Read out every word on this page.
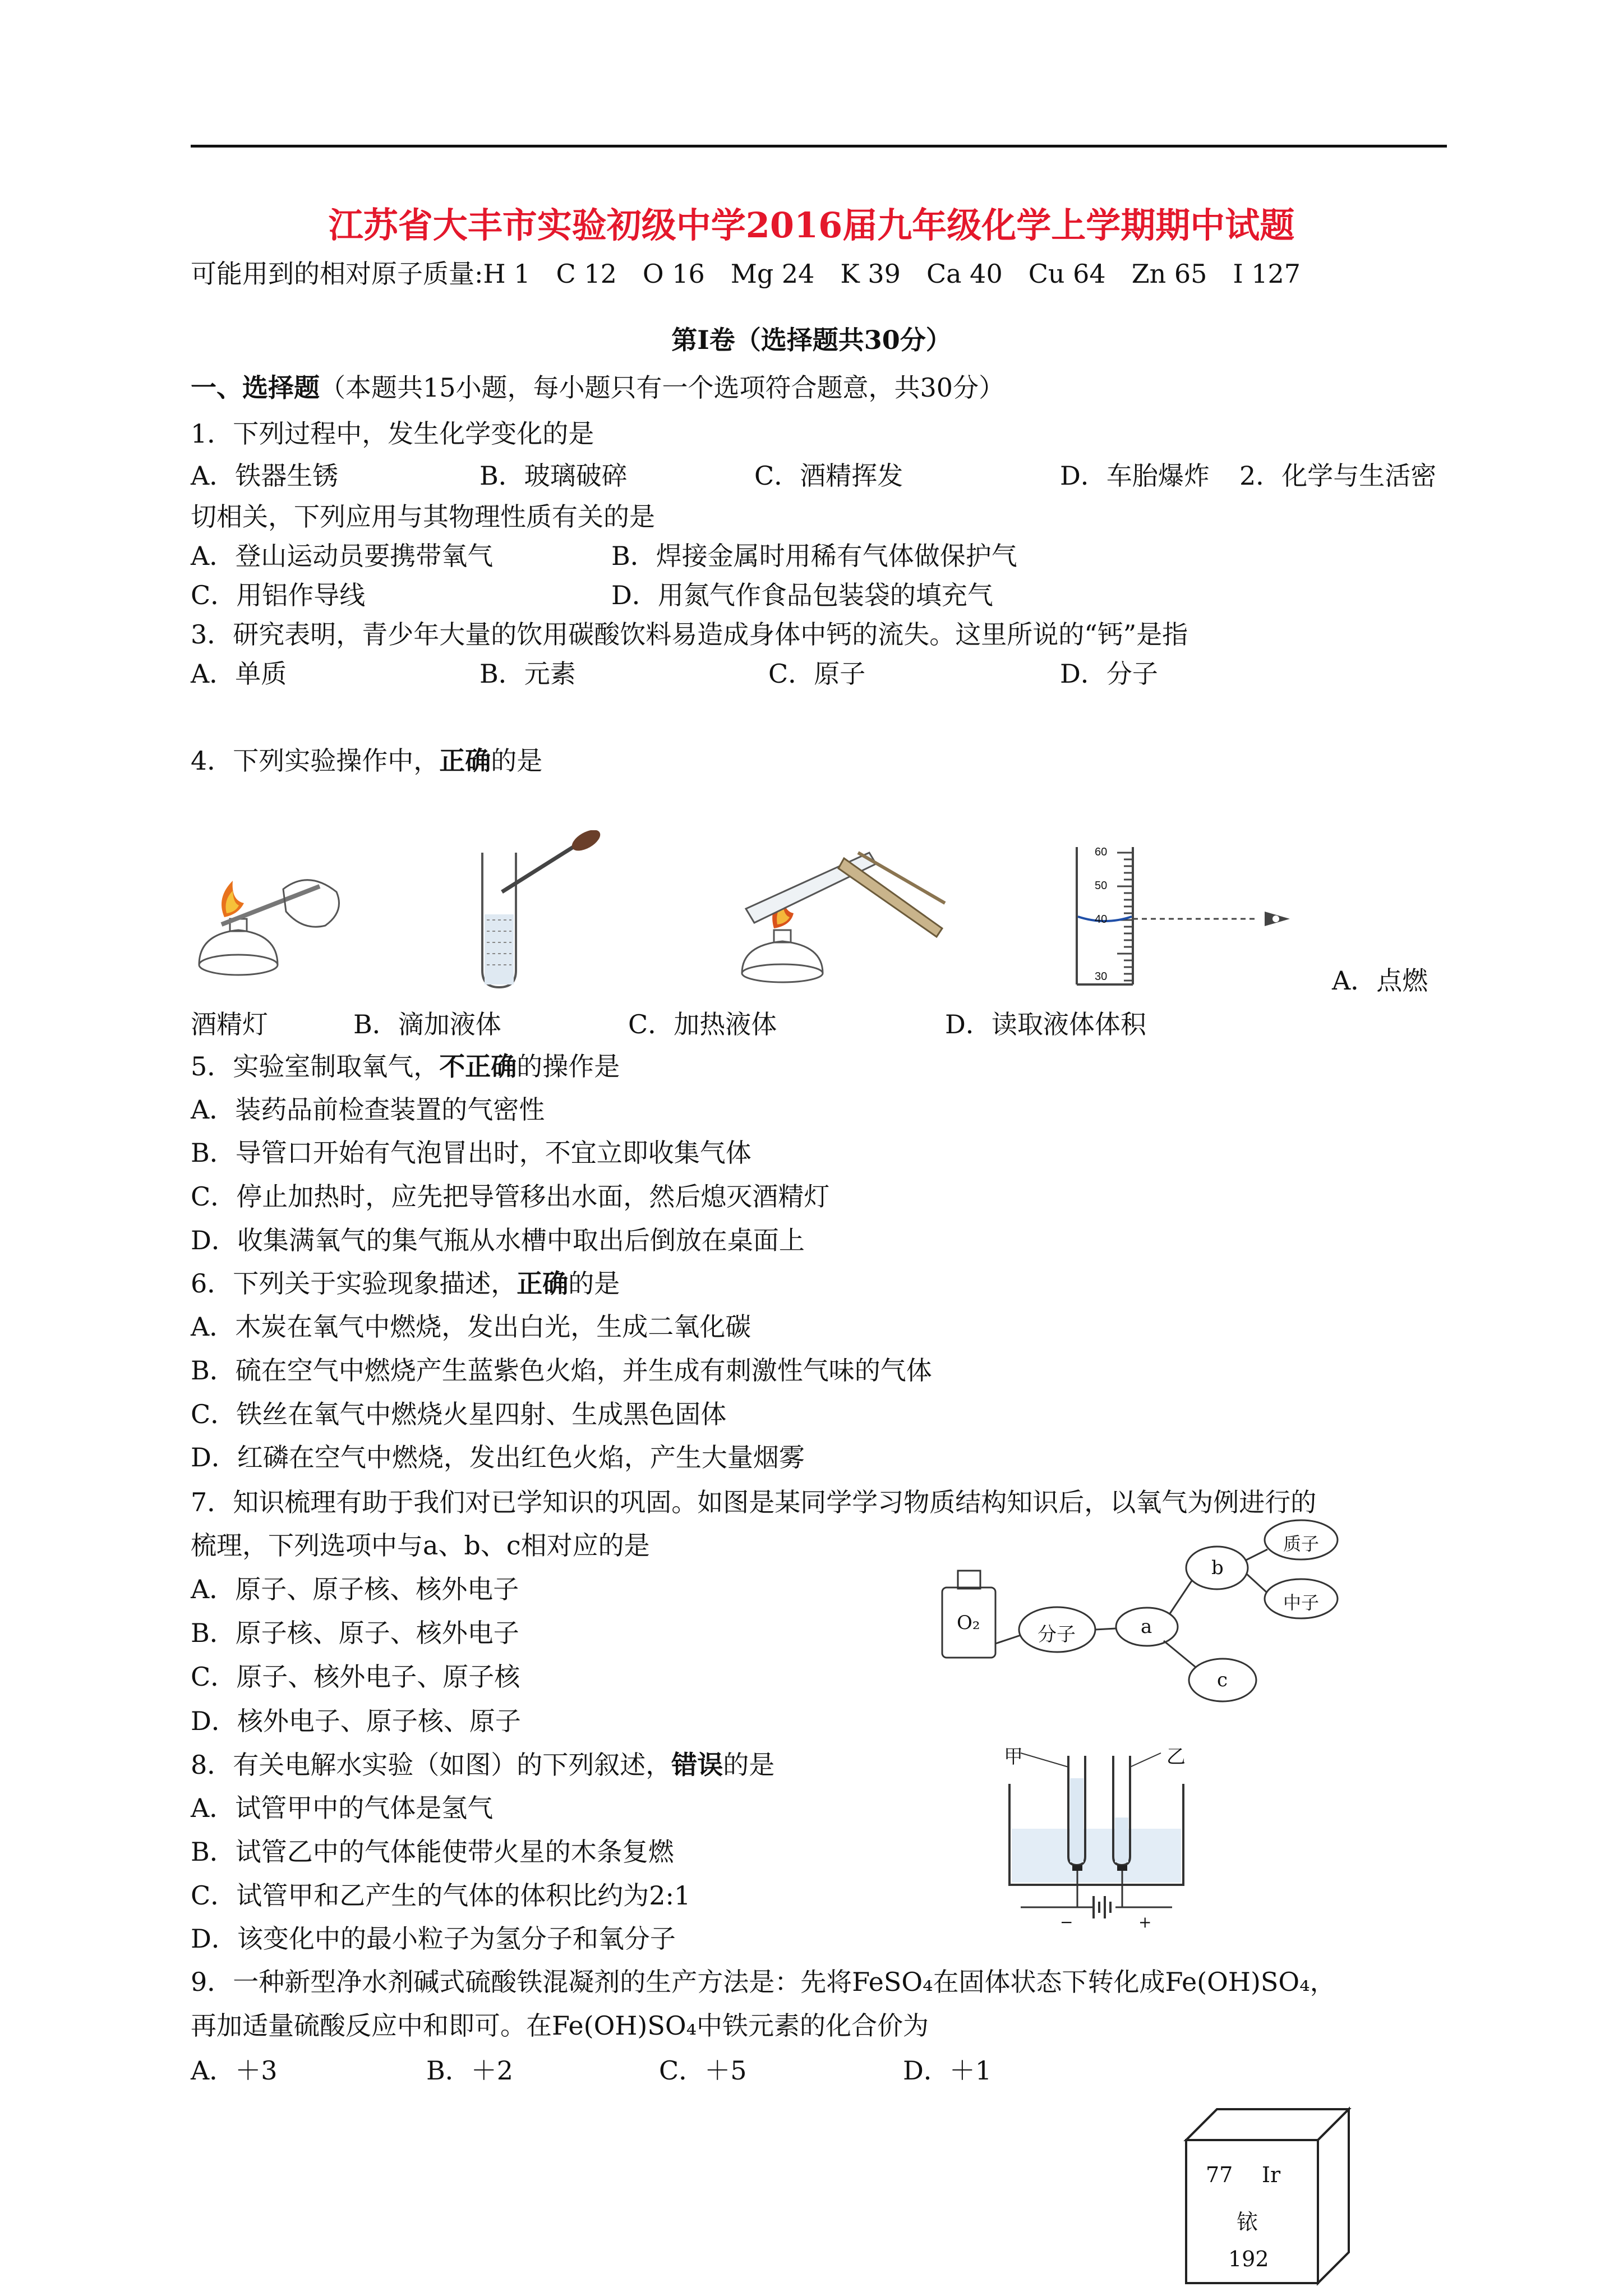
江苏省大丰市实验初级中学2016届九年级化学上学期期中试题
可能用到的相对原子质量:H 1　C 12　O 16　Mg 24　K 39　Ca 40　Cu 64　Zn 65　I 127
第Ⅰ卷（选择题共30分）
一、选择题（本题共15小题，每小题只有一个选项符合题意，共30分）
1．下列过程中，发生化学变化的是
A．铁器生锈	B．玻璃破碎	C．酒精挥发	D．车胎爆炸 2．化学与生活密
切相关，下列应用与其物理性质有关的是
A．登山运动员要携带氧气	B．焊接金属时用稀有气体做保护气
C．用铝作导线	D．用氮气作食品包装袋的填充气
3．研究表明，青少年大量的饮用碳酸饮料易造成身体中钙的流失。这里所说的“钙”是指
A．单质	B．元素	C．原子	D．分子
4．下列实验操作中，正确的是
60
50
40
30	A．点燃
酒精灯	B．滴加液体	C．加热液体	D．读取液体体积
5．实验室制取氧气，不正确的操作是
A．装药品前检查装置的气密性
B．导管口开始有气泡冒出时，不宜立即收集气体
C．停止加热时，应先把导管移出水面，然后熄灭酒精灯
D．收集满氧气的集气瓶从水槽中取出后倒放在桌面上
6．下列关于实验现象描述，正确的是
A．木炭在氧气中燃烧，发出白光，生成二氧化碳
B．硫在空气中燃烧产生蓝紫色火焰，并生成有刺激性气味的气体
C．铁丝在氧气中燃烧火星四射、生成黑色固体
D．红磷在空气中燃烧，发出红色火焰，产生大量烟雾
7．知识梳理有助于我们对已学知识的巩固。如图是某同学学习物质结构知识后，以氧气为例进行的
梳理，下列选项中与a、b、c相对应的是
A．原子、原子核、核外电子
B．原子核、原子、核外电子
C．原子、核外电子、原子核
D．核外电子、原子核、原子
O₂
分子	a
b
c
质子
中子
8．有关电解水实验（如图）的下列叙述，错误的是
A．试管甲中的气体是氢气
B．试管乙中的气体能使带火星的木条复燃
C．试管甲和乙产生的气体的体积比约为2:1
D．该变化中的最小粒子为氢分子和氧分子
甲	乙
−	+
9．一种新型净水剂碱式硫酸铁混凝剂的生产方法是：先将FeSO₄在固体状态下转化成Fe(OH)SO₄，
再加适量硫酸反应中和即可。在Fe(OH)SO₄中铁元素的化合价为
A．＋3	B．＋2	C．＋5	D．＋1
77 Ir
铱
192
